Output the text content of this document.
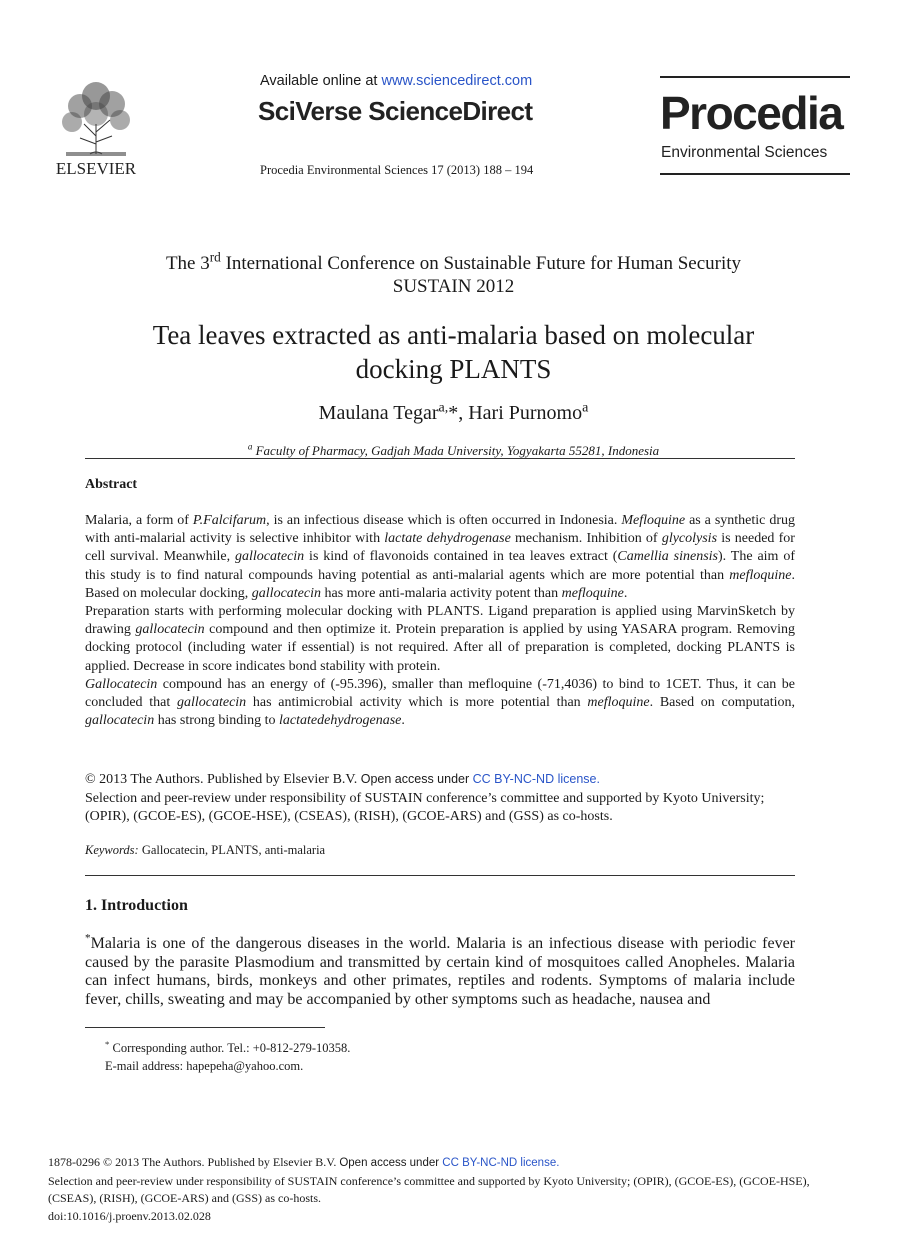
ELSEVIER
Available online at www.sciencedirect.com
SciVerse ScienceDirect
Procedia Environmental Sciences 17 (2013) 188 – 194
Procedia
Environmental Sciences
The 3rd International Conference on Sustainable Future for Human Security
SUSTAIN 2012
Tea leaves extracted as anti-malaria based on molecular
docking PLANTS
Maulana Tegar$^{a,}$*, Hari Purnomo$^a$
$^a$ Faculty of Pharmacy, Gadjah Mada University, Yogyakarta 55281, Indonesia
Abstract

Malaria, a form of P.Falcifarum, is an infectious disease which is often occurred in Indonesia. Mefloquine as a synthetic drug with anti-malarial activity is selective inhibitor with lactate dehydrogenase mechanism. Inhibition of glycolysis is needed for cell survival. Meanwhile, gallocatecin is kind of flavonoids contained in tea leaves extract (Camellia sinensis). The aim of this study is to find natural compounds having potential as anti-malarial agents which are more potential than mefloquine. Based on molecular docking, gallocatecin has more anti-malaria activity potent than mefloquine.

Preparation starts with performing molecular docking with PLANTS. Ligand preparation is applied using MarvinSketch by drawing gallocatecin compound and then optimize it. Protein preparation is applied by using YASARA program. Removing docking protocol (including water if essential) is not required. After all of preparation is completed, docking PLANTS is applied. Decrease in score indicates bond stability with protein.

Gallocatecin compound has an energy of (-95.396), smaller than mefloquine (-71,4036) to bind to 1CET. Thus, it can be concluded that gallocatecin has antimicrobial activity which is more potential than mefloquine. Based on computation, gallocatecin has strong binding to lactatedehydrogenase.

© 2013 The Authors. Published by Elsevier B.V. Open access under CC BY-NC-ND license.
Selection and peer-review under responsibility of SUSTAIN conference’s committee and supported by Kyoto University; (OPIR), (GCOE-ES), (GCOE-HSE), (CSEAS), (RISH), (GCOE-ARS) and (GSS) as co-hosts.
Keywords: Gallocatecin, PLANTS, anti-malaria
1. Introduction
*Malaria is one of the dangerous diseases in the world. Malaria is an infectious disease with periodic fever caused by the parasite Plasmodium and transmitted by certain kind of mosquitoes called Anopheles. Malaria can infect humans, birds, monkeys and other primates, reptiles and rodents. Symptoms of malaria include fever, chills, sweating and may be accompanied by other symptoms such as headache, nausea and
* Corresponding author. Tel.: +0-812-279-10358.
E-mail address: hapepeha@yahoo.com.
1878-0296 © 2013 The Authors. Published by Elsevier B.V. Open access under CC BY-NC-ND license.
Selection and peer-review under responsibility of SUSTAIN conference’s committee and supported by Kyoto University; (OPIR), (GCOE-ES), (GCOE-HSE), (CSEAS), (RISH), (GCOE-ARS) and (GSS) as co-hosts.
doi:10.1016/j.proenv.2013.02.028
